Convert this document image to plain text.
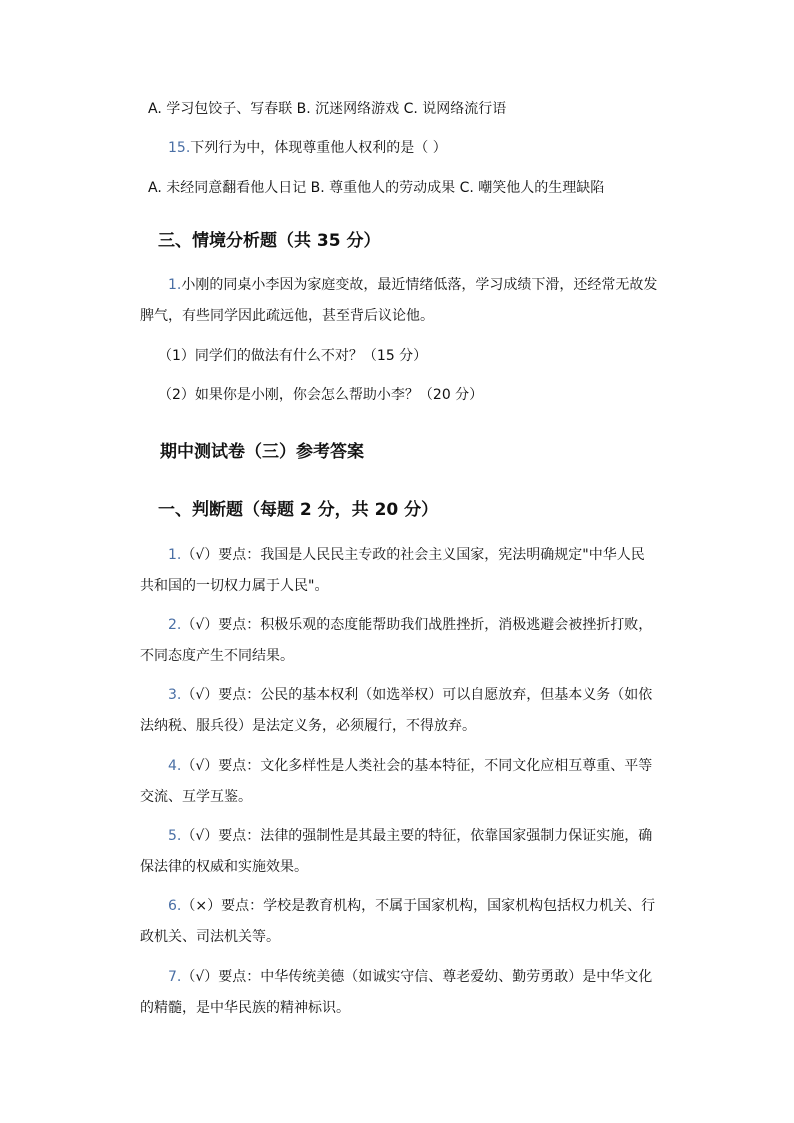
A. 学习包饺子、写春联 B. 沉迷网络游戏 C. 说网络流行语
15.下列行为中，体现尊重他人权利的是（ ）
A. 未经同意翻看他人日记 B. 尊重他人的劳动成果 C. 嘲笑他人的生理缺陷
三、情境分析题（共 35 分）

1.小刚的同桌小李因为家庭变故，最近情绪低落，学习成绩下滑，还经常无故发

脾气，有些同学因此疏远他，甚至背后议论他。

（1）同学们的做法有什么不对？（15 分）
（2）如果你是小刚，你会怎么帮助小李？（20 分）
期中测试卷（三）参考答案
一、判断题（每题 2 分，共 20 分）

1.（√）要点：我国是人民民主专政的社会主义国家，宪法明确规定"中华人民

共和国的一切权力属于人民"。

2.（√）要点：积极乐观的态度能帮助我们战胜挫折，消极逃避会被挫折打败，

不同态度产生不同结果。

3.（√）要点：公民的基本权利（如选举权）可以自愿放弃，但基本义务（如依

法纳税、服兵役）是法定义务，必须履行，不得放弃。

4.（√）要点：文化多样性是人类社会的基本特征，不同文化应相互尊重、平等

交流、互学互鉴。

5.（√）要点：法律的强制性是其最主要的特征，依靠国家强制力保证实施，确

保法律的权威和实施效果。

6.（×）要点：学校是教育机构，不属于国家机构，国家机构包括权力机关、行

政机关、司法机关等。

7.（√）要点：中华传统美德（如诚实守信、尊老爱幼、勤劳勇敢）是中华文化

的精髓，是中华民族的精神标识。
